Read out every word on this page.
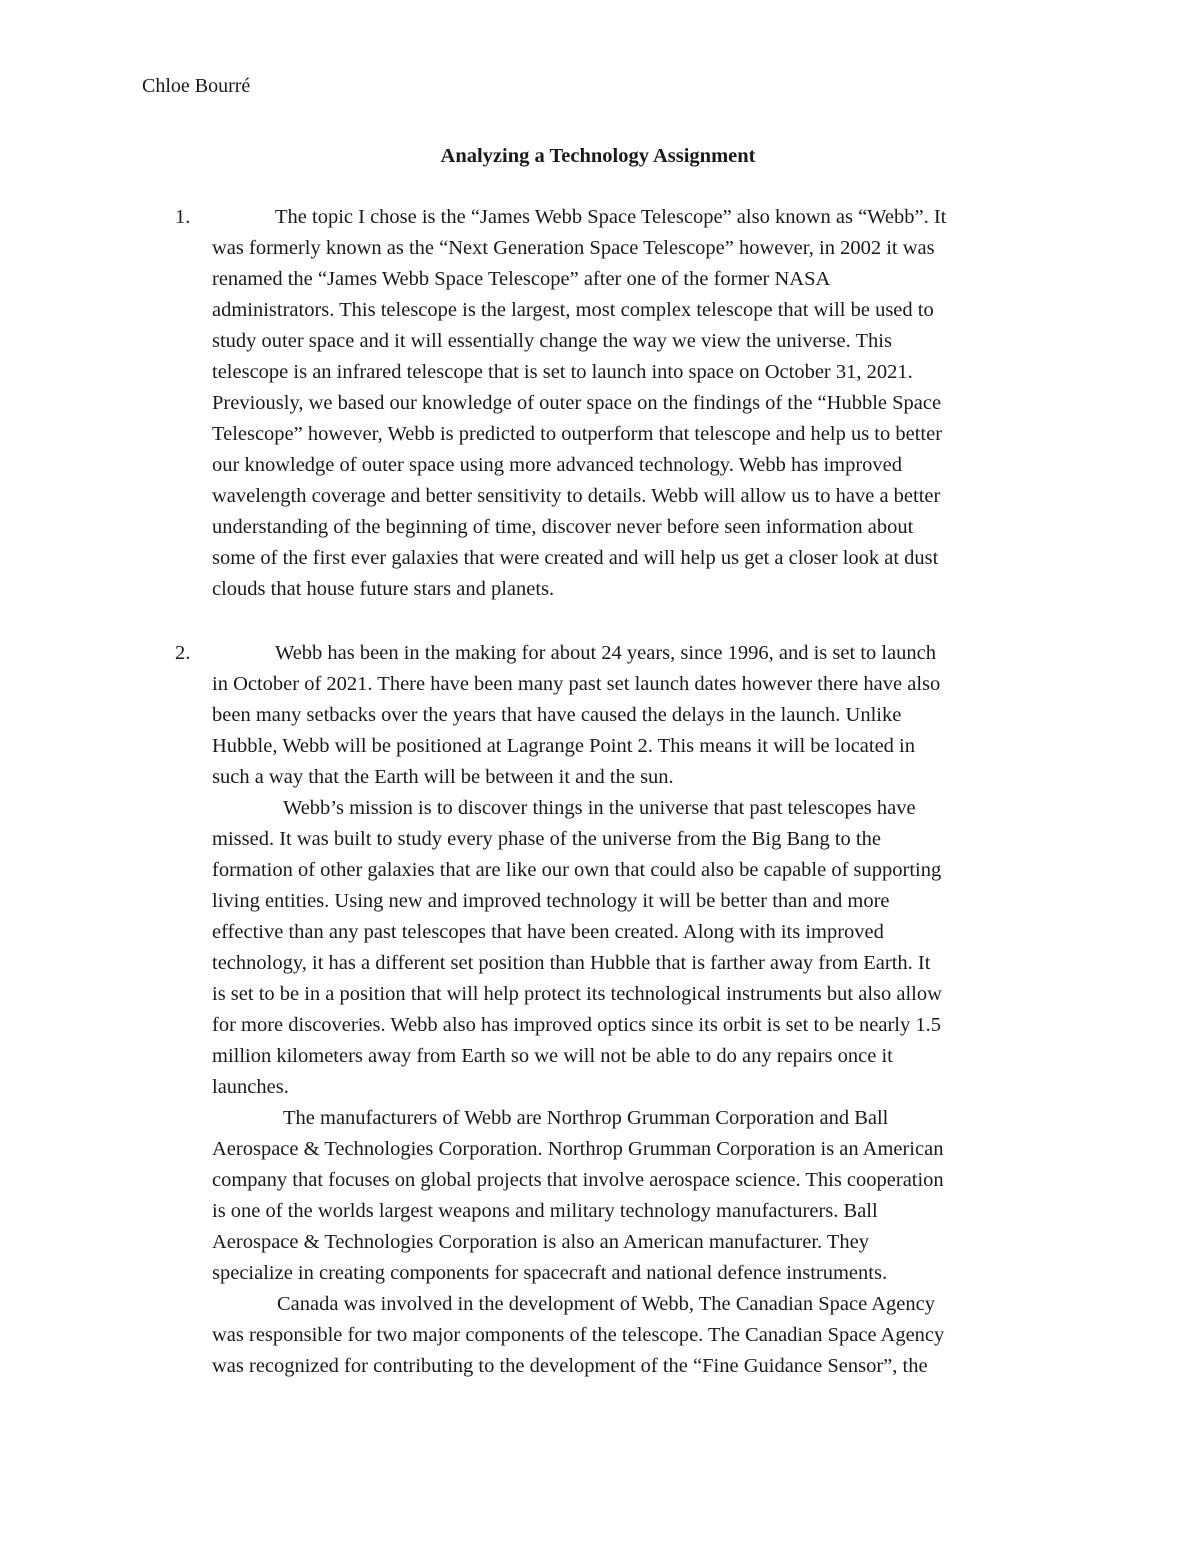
Chloe Bourré
Analyzing a Technology Assignment
1.	The topic I chose is the “James Webb Space Telescope” also known as “Webb”. It
was formerly known as the “Next Generation Space Telescope” however, in 2002 it was
renamed the “James Webb Space Telescope” after one of the former NASA
administrators. This telescope is the largest, most complex telescope that will be used to
study outer space and it will essentially change the way we view the universe. This
telescope is an infrared telescope that is set to launch into space on October 31, 2021.
Previously, we based our knowledge of outer space on the findings of the “Hubble Space
Telescope” however, Webb is predicted to outperform that telescope and help us to better
our knowledge of outer space using more advanced technology. Webb has improved
wavelength coverage and better sensitivity to details. Webb will allow us to have a better
understanding of the beginning of time, discover never before seen information about
some of the first ever galaxies that were created and will help us get a closer look at dust
clouds that house future stars and planets.
2.	Webb has been in the making for about 24 years, since 1996, and is set to launch
in October of 2021. There have been many past set launch dates however there have also
been many setbacks over the years that have caused the delays in the launch. Unlike
Hubble, Webb will be positioned at Lagrange Point 2. This means it will be located in
such a way that the Earth will be between it and the sun.
Webb’s mission is to discover things in the universe that past telescopes have
missed. It was built to study every phase of the universe from the Big Bang to the
formation of other galaxies that are like our own that could also be capable of supporting
living entities. Using new and improved technology it will be better than and more
effective than any past telescopes that have been created. Along with its improved
technology, it has a different set position than Hubble that is farther away from Earth. It
is set to be in a position that will help protect its technological instruments but also allow
for more discoveries. Webb also has improved optics since its orbit is set to be nearly 1.5
million kilometers away from Earth so we will not be able to do any repairs once it
launches.
The manufacturers of Webb are Northrop Grumman Corporation and Ball
Aerospace & Technologies Corporation. Northrop Grumman Corporation is an American
company that focuses on global projects that involve aerospace science. This cooperation
is one of the worlds largest weapons and military technology manufacturers. Ball
Aerospace & Technologies Corporation is also an American manufacturer. They
specialize in creating components for spacecraft and national defence instruments.
Canada was involved in the development of Webb, The Canadian Space Agency
was responsible for two major components of the telescope. The Canadian Space Agency
was recognized for contributing to the development of the “Fine Guidance Sensor”, the
